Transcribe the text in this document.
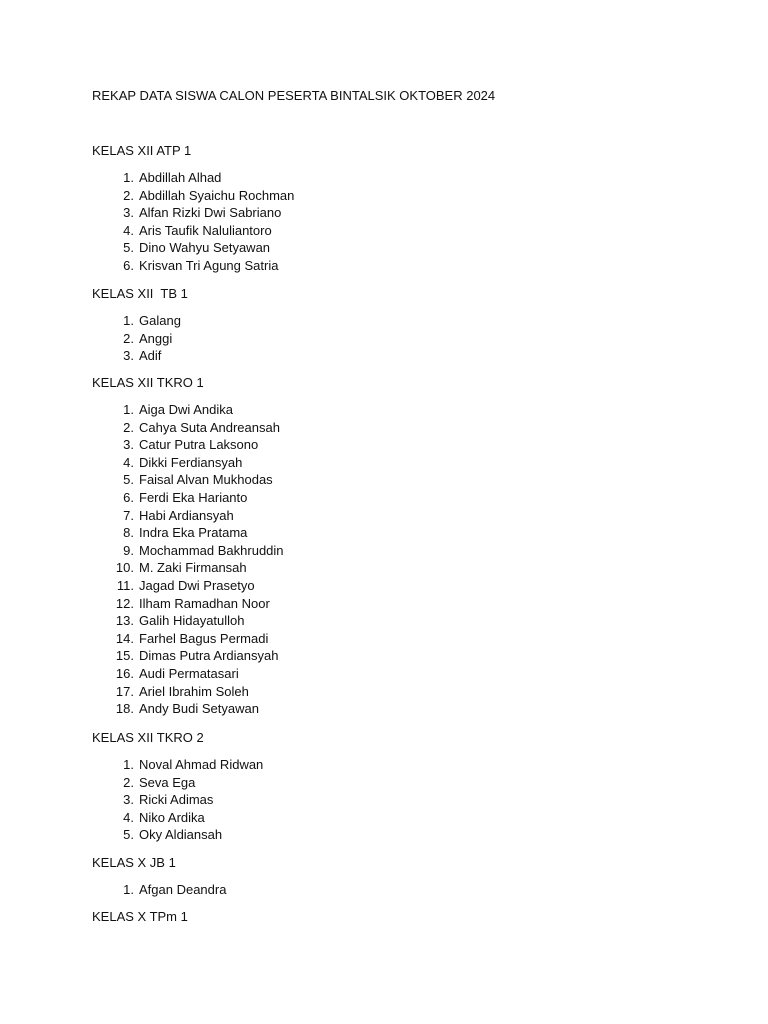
REKAP DATA SISWA CALON PESERTA BINTALSIK OKTOBER 2024
KELAS XII ATP 1
1. Abdillah Alhad
2. Abdillah Syaichu Rochman
3. Alfan Rizki Dwi Sabriano
4. Aris Taufik Naluliantoro
5. Dino Wahyu Setyawan
6. Krisvan Tri Agung Satria
KELAS XII  TB 1
1. Galang
2. Anggi
3. Adif
KELAS XII TKRO 1
1. Aiga Dwi Andika
2. Cahya Suta Andreansah
3. Catur Putra Laksono
4. Dikki Ferdiansyah
5. Faisal Alvan Mukhodas
6. Ferdi Eka Harianto
7. Habi Ardiansyah
8. Indra Eka Pratama
9. Mochammad Bakhruddin
10. M. Zaki Firmansah
11. Jagad Dwi Prasetyo
12. Ilham Ramadhan Noor
13. Galih Hidayatulloh
14. Farhel Bagus Permadi
15. Dimas Putra Ardiansyah
16. Audi Permatasari
17. Ariel Ibrahim Soleh
18. Andy Budi Setyawan
KELAS XII TKRO 2
1. Noval Ahmad Ridwan
2. Seva Ega
3. Ricki Adimas
4. Niko Ardika
5. Oky Aldiansah
KELAS X JB 1
1. Afgan Deandra
KELAS X TPm 1
